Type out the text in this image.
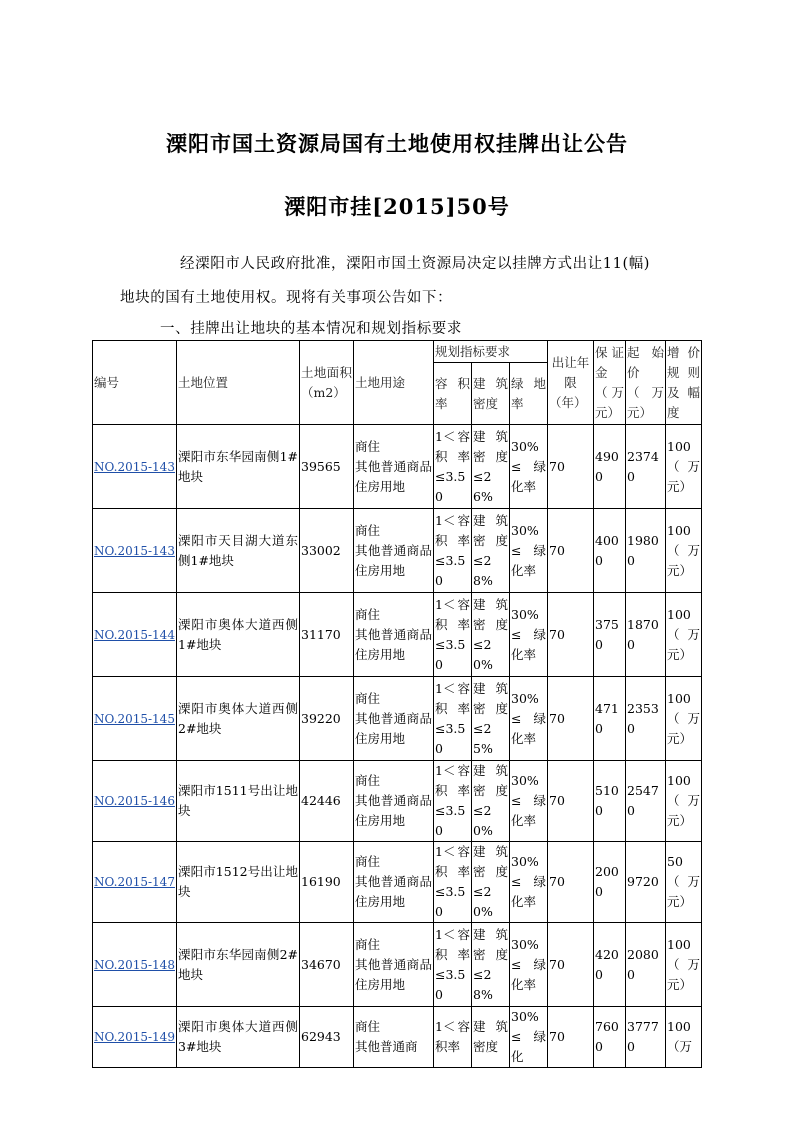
溧阳市国土资源局国有土地使用权挂牌出让公告
溧阳市挂[2015]50号
经溧阳市人民政府批准，溧阳市国土资源局决定以挂牌方式出让11(幅)
地块的国有土地使用权。现将有关事项公告如下：
一、挂牌出让地块的基本情况和规划指标要求
编号	土地位置	土地面积（m2）	土地用途	规划指标要求			出让年限（年）	保证金（万元）	起始价（万元）	增价规则及幅度
				容积率	建筑密度	绿地率				
NO.2015-143	溧阳市东华园南侧1#地块	39565	商住
其他普通商品住房用地	1＜容积率≤3.50	建筑密度≤26%	30%≤绿化率	70	4900	23740	100（万元）
NO.2015-143	溧阳市天目湖大道东侧1#地块	33002	商住
其他普通商品住房用地	1＜容积率≤3.50	建筑密度≤28%	30%≤绿化率	70	4000	19800	100（万元）
NO.2015-144	溧阳市奥体大道西侧1#地块	31170	商住
其他普通商品住房用地	1＜容积率≤3.50	建筑密度≤20%	30%≤绿化率	70	3750	18700	100（万元）
NO.2015-145	溧阳市奥体大道西侧2#地块	39220	商住
其他普通商品住房用地	1＜容积率≤3.50	建筑密度≤25%	30%≤绿化率	70	4710	23530	100（万元）
NO.2015-146	溧阳市1511号出让地块	42446	商住
其他普通商品住房用地	1＜容积率≤3.50	建筑密度≤20%	30%≤绿化率	70	5100	25470	100（万元）
NO.2015-147	溧阳市1512号出让地块	16190	商住
其他普通商品住房用地	1＜容积率≤3.50	建筑密度≤20%	30%≤绿化率	70	2000	9720	50（万元）
NO.2015-148	溧阳市东华园南侧2#地块	34670	商住
其他普通商品住房用地	1＜容积率≤3.50	建筑密度≤28%	30%≤绿化率	70	4200	20800	100（万元）
NO.2015-149	溧阳市奥体大道西侧3#地块	62943	商住
其他普通商	1＜容积率	建筑密度	30%≤绿化	70	7600	37770	100（万
